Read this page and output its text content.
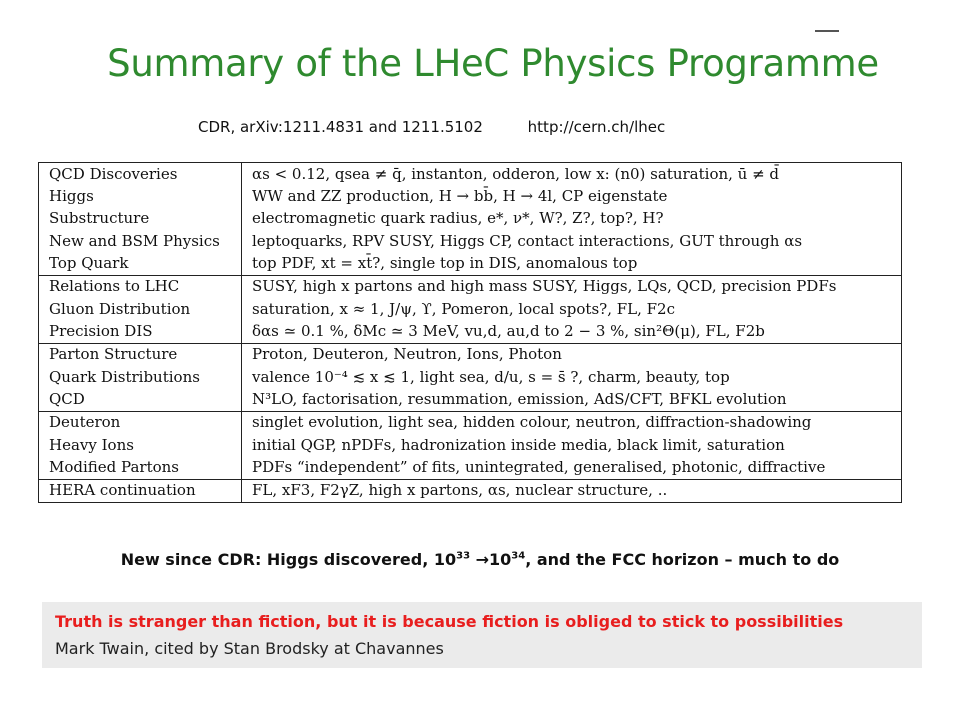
Summary of the LHeC Physics Programme
CDR, arXiv:1211.4831 and 1211.5102	http://cern.ch/lhec
QCD Discoveries	αs < 0.12, qsea ≠ q̄, instanton, odderon, low x: (n0) saturation, ū ≠ d̄
Higgs	WW and ZZ production, H → bb̄, H → 4l, CP eigenstate
Substructure	electromagnetic quark radius, e*, ν*, W?, Z?, top?, H?
New and BSM Physics	leptoquarks, RPV SUSY, Higgs CP, contact interactions, GUT through αs
Top Quark	top PDF, xt = xt̄?, single top in DIS, anomalous top
Relations to LHC	SUSY, high x partons and high mass SUSY, Higgs, LQs, QCD, precision PDFs
Gluon Distribution	saturation, x ≈ 1, J/ψ, ϒ, Pomeron, local spots?, FL, F2c
Precision DIS	δαs ≃ 0.1 %, δMc ≃ 3 MeV, vu,d, au,d to 2 − 3 %, sin²Θ(μ), FL, F2b
Parton Structure	Proton, Deuteron, Neutron, Ions, Photon
Quark Distributions	valence 10⁻⁴ ≲ x ≲ 1, light sea, d/u, s = s̄ ?, charm, beauty, top
QCD	N³LO, factorisation, resummation, emission, AdS/CFT, BFKL evolution
Deuteron	singlet evolution, light sea, hidden colour, neutron, diffraction-shadowing
Heavy Ions	initial QGP, nPDFs, hadronization inside media, black limit, saturation
Modified Partons	PDFs “independent” of fits, unintegrated, generalised, photonic, diffractive
HERA continuation	FL, xF3, F2γZ, high x partons, αs, nuclear structure, ..
New since CDR: Higgs discovered, $10^{33} \to 10^{34}$, and the FCC horizon – much to do
Truth is stranger than fiction, but it is because fiction is obliged to stick to possibilities
Mark Twain, cited by Stan Brodsky at Chavannes
